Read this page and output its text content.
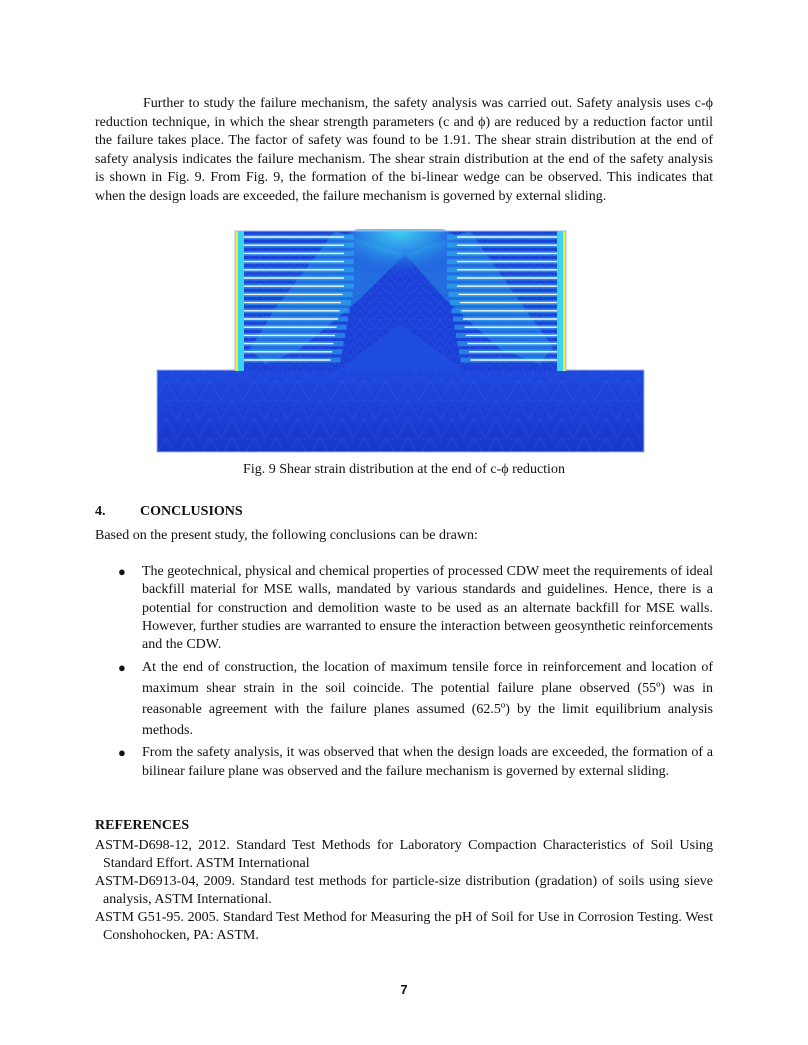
Further to study the failure mechanism, the safety analysis was carried out. Safety analysis uses c-ϕ reduction technique, in which the shear strength parameters (c and ϕ) are reduced by a reduction factor until the failure takes place. The factor of safety was found to be 1.91. The shear strain distribution at the end of safety analysis indicates the failure mechanism. The shear strain distribution at the end of the safety analysis is shown in Fig. 9. From Fig. 9, the formation of the bi-linear wedge can be observed. This indicates that when the design loads are exceeded, the failure mechanism is governed by external sliding.

Fig. 9 Shear strain distribution at the end of c-ϕ reduction

4. CONCLUSIONS

Based on the present study, the following conclusions can be drawn:

● The geotechnical, physical and chemical properties of processed CDW meet the requirements of ideal backfill material for MSE walls, mandated by various standards and guidelines. Hence, there is a potential for construction and demolition waste to be used as an alternate backfill for MSE walls. However, further studies are warranted to ensure the interaction between geosynthetic reinforcements and the CDW.
● At the end of construction, the location of maximum tensile force in reinforcement and location of maximum shear strain in the soil coincide. The potential failure plane observed (55º) was in reasonable agreement with the failure planes assumed (62.5º) by the limit equilibrium analysis methods.
● From the safety analysis, it was observed that when the design loads are exceeded, the formation of a bilinear failure plane was observed and the failure mechanism is governed by external sliding.
REFERENCES
ASTM-D698-12, 2012. Standard Test Methods for Laboratory Compaction Characteristics of Soil Using Standard Effort. ASTM International
ASTM-D6913-04, 2009. Standard test methods for particle-size distribution (gradation) of soils using sieve analysis, ASTM International.
ASTM G51-95. 2005. Standard Test Method for Measuring the pH of Soil for Use in Corrosion Testing. West Conshohocken, PA: ASTM.

7
